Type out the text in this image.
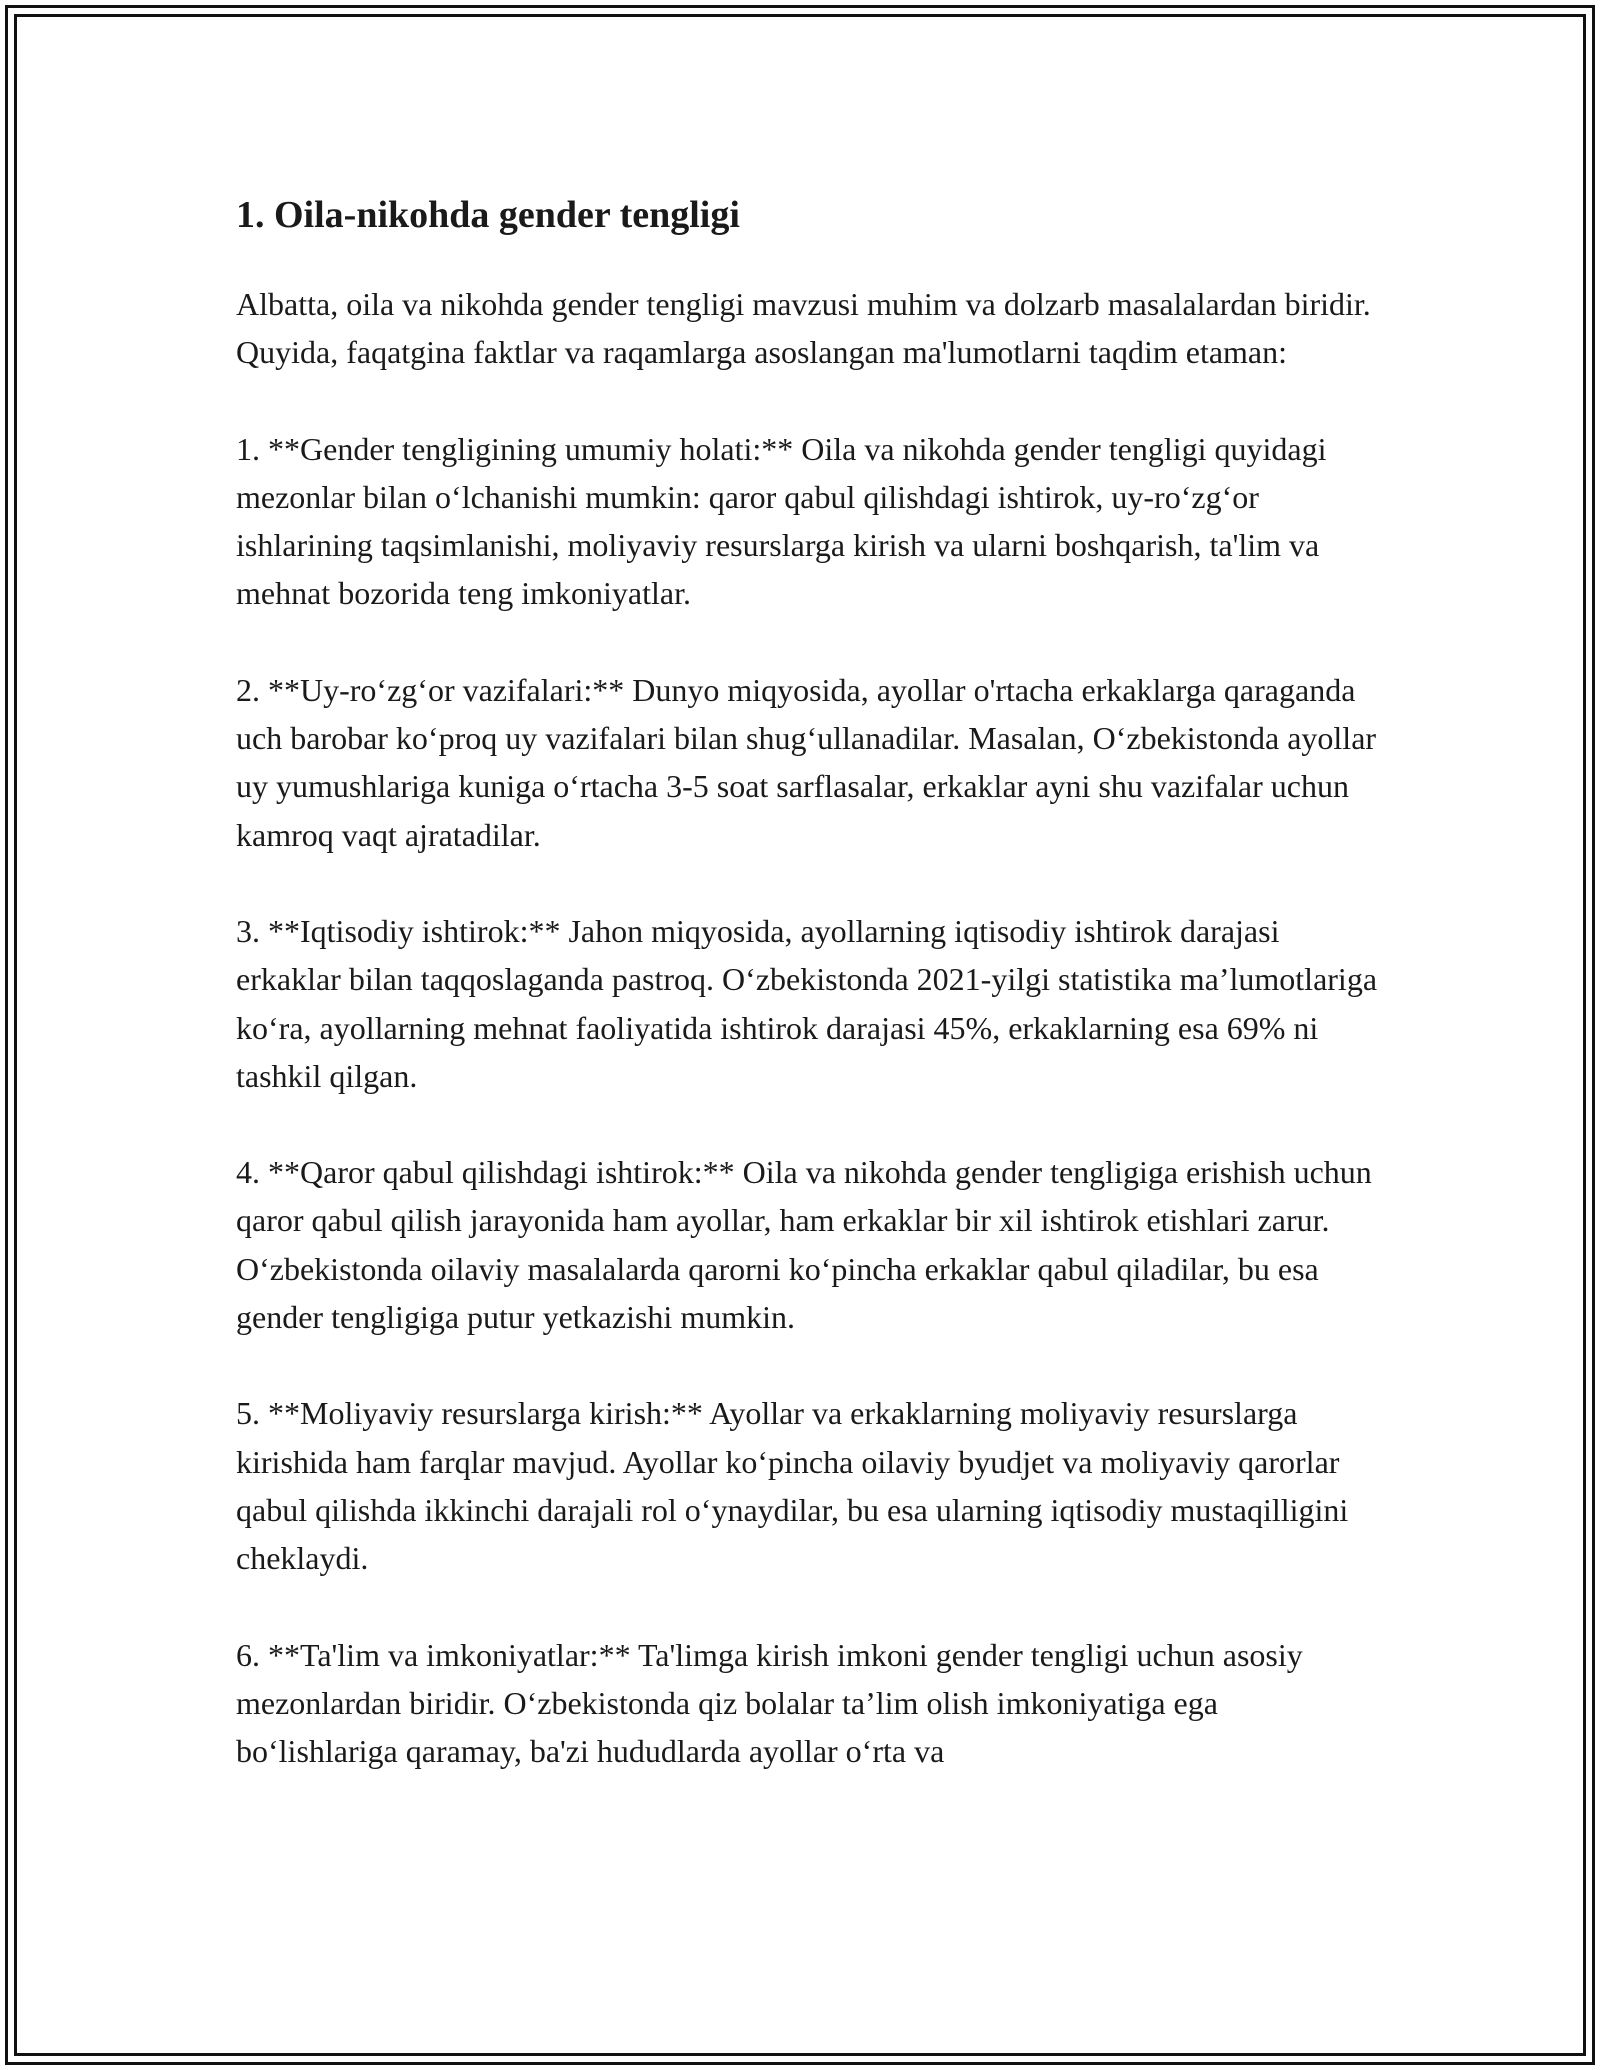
1. Oila-nikohda gender tengligi

Albatta, oila va nikohda gender tengligi mavzusi muhim va dolzarb masalalardan biridir. Quyida, faqatgina faktlar va raqamlarga asoslangan ma'lumotlarni taqdim etaman:

1. **Gender tengligining umumiy holati:** Oila va nikohda gender tengligi quyidagi mezonlar bilan o‘lchanishi mumkin: qaror qabul qilishdagi ishtirok, uy-ro‘zg‘or ishlarining taqsimlanishi, moliyaviy resurslarga kirish va ularni boshqarish, ta'lim va mehnat bozorida teng imkoniyatlar.

2. **Uy-ro‘zg‘or vazifalari:** Dunyo miqyosida, ayollar o'rtacha erkaklarga qaraganda uch barobar ko‘proq uy vazifalari bilan shug‘ullanadilar. Masalan, O‘zbekistonda ayollar uy yumushlariga kuniga o‘rtacha 3-5 soat sarflasalar, erkaklar ayni shu vazifalar uchun kamroq vaqt ajratadilar.

3. **Iqtisodiy ishtirok:** Jahon miqyosida, ayollarning iqtisodiy ishtirok darajasi erkaklar bilan taqqoslaganda pastroq. O‘zbekistonda 2021-yilgi statistika ma’lumotlariga ko‘ra, ayollarning mehnat faoliyatida ishtirok darajasi 45%, erkaklarning esa 69% ni tashkil qilgan.

4. **Qaror qabul qilishdagi ishtirok:** Oila va nikohda gender tengligiga erishish uchun qaror qabul qilish jarayonida ham ayollar, ham erkaklar bir xil ishtirok etishlari zarur. O‘zbekistonda oilaviy masalalarda qarorni ko‘pincha erkaklar qabul qiladilar, bu esa gender tengligiga putur yetkazishi mumkin.

5. **Moliyaviy resurslarga kirish:** Ayollar va erkaklarning moliyaviy resurslarga kirishida ham farqlar mavjud. Ayollar ko‘pincha oilaviy byudjet va moliyaviy qarorlar qabul qilishda ikkinchi darajali rol o‘ynaydilar, bu esa ularning iqtisodiy mustaqilligini cheklaydi.

6. **Ta'lim va imkoniyatlar:** Ta'limga kirish imkoni gender tengligi uchun asosiy mezonlardan biridir. O‘zbekistonda qiz bolalar ta’lim olish imkoniyatiga ega bo‘lishlariga qaramay, ba'zi hududlarda ayollar o‘rta va
